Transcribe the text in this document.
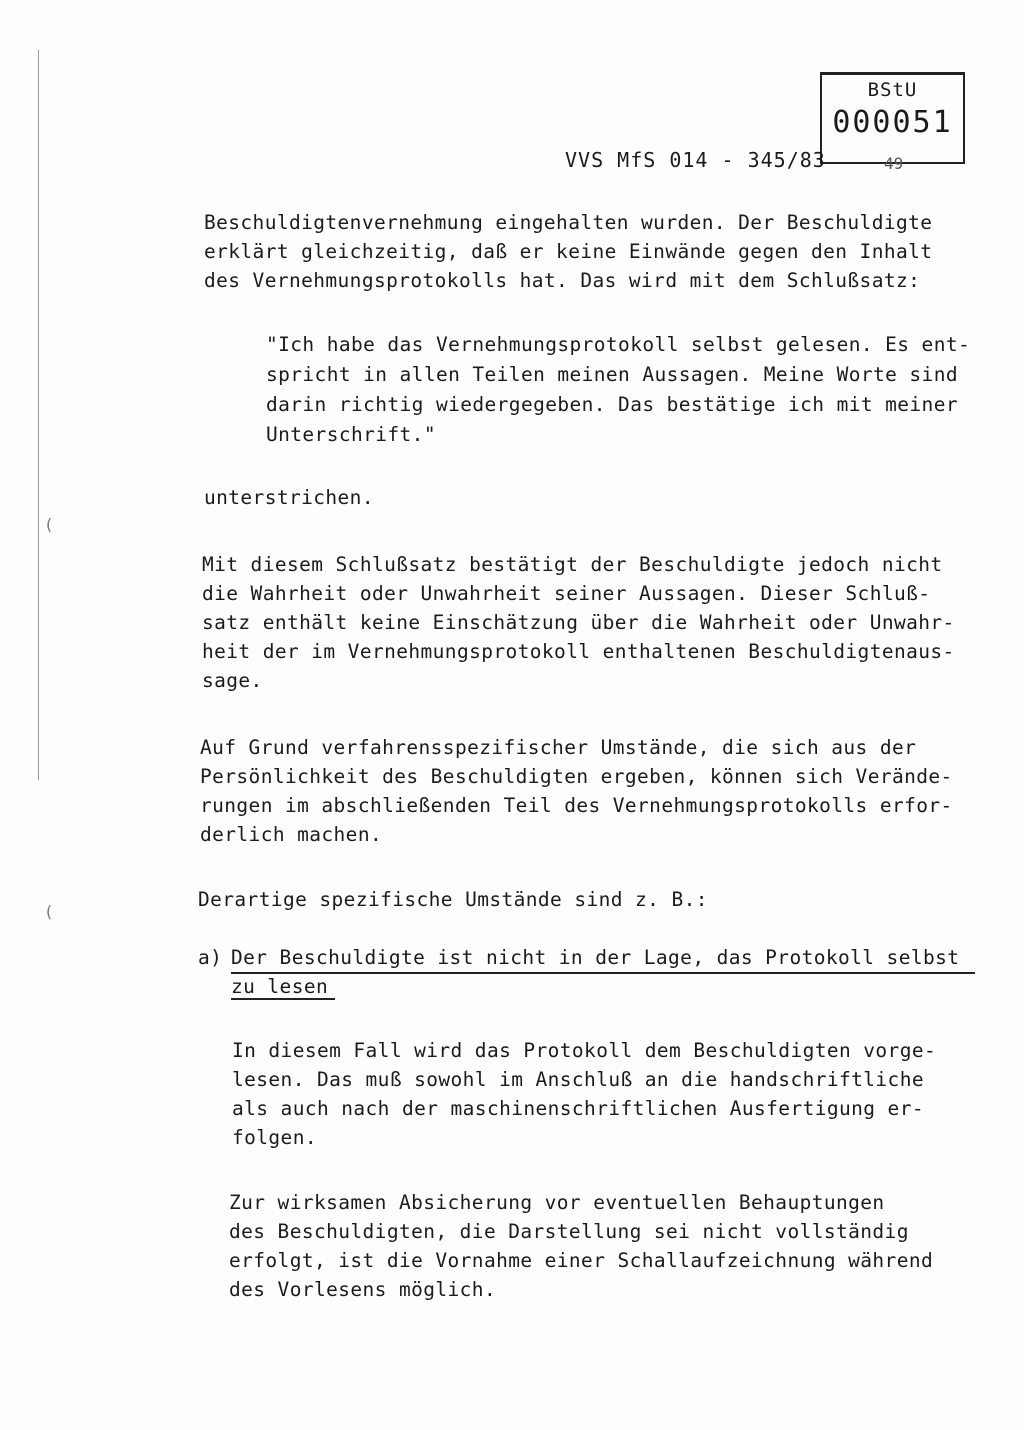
(
(
BStU
000051
VVS MfS 014 - 345/83	49
Beschuldigtenvernehmung eingehalten wurden. Der Beschuldigte
erklärt gleichzeitig, daß er keine Einwände gegen den Inhalt
des Vernehmungsprotokolls hat. Das wird mit dem Schlußsatz:
"Ich habe das Vernehmungsprotokoll selbst gelesen. Es ent-
spricht in allen Teilen meinen Aussagen. Meine Worte sind
darin richtig wiedergegeben. Das bestätige ich mit meiner
Unterschrift."
unterstrichen.
Mit diesem Schlußsatz bestätigt der Beschuldigte jedoch nicht
die Wahrheit oder Unwahrheit seiner Aussagen. Dieser Schluß-
satz enthält keine Einschätzung über die Wahrheit oder Unwahr-
heit der im Vernehmungsprotokoll enthaltenen Beschuldigtenaus-
sage.
Auf Grund verfahrensspezifischer Umstände, die sich aus der
Persönlichkeit des Beschuldigten ergeben, können sich Verände-
rungen im abschließenden Teil des Vernehmungsprotokolls erfor-
derlich machen.
Derartige spezifische Umstände sind z. B.:
a) Der Beschuldigte ist nicht in der Lage, das Protokoll selbst
zu lesen
In diesem Fall wird das Protokoll dem Beschuldigten vorge-
lesen. Das muß sowohl im Anschluß an die handschriftliche
als auch nach der maschinenschriftlichen Ausfertigung er-
folgen.
Zur wirksamen Absicherung vor eventuellen Behauptungen
des Beschuldigten, die Darstellung sei nicht vollständig
erfolgt, ist die Vornahme einer Schallaufzeichnung während
des Vorlesens möglich.
